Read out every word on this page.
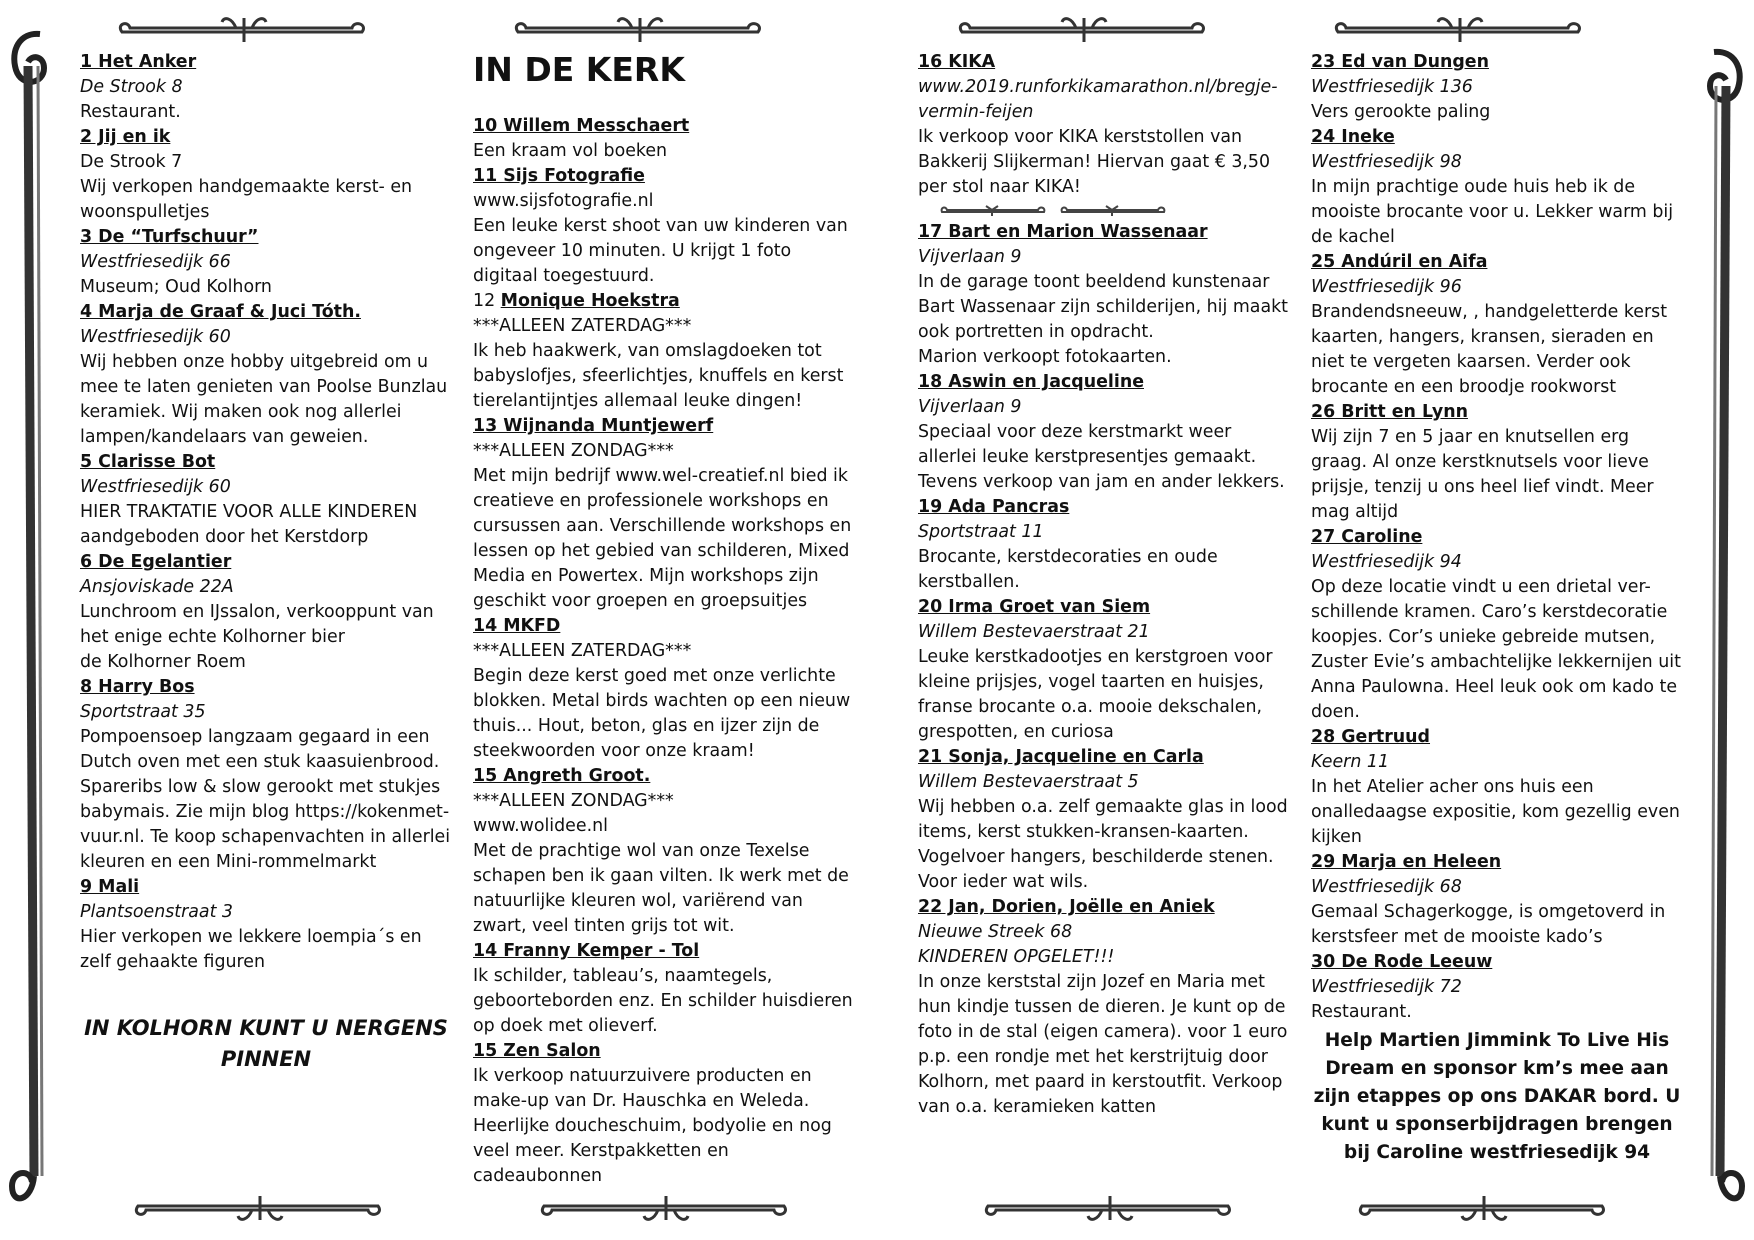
1 Het Anker
De Strook 8
Restaurant.
2 Jij en ik
De Strook 7
Wij verkopen handgemaakte kerst- en woonspulletjes
3 De “Turfschuur”
Westfriesedijk 66
Museum; Oud Kolhorn
4 Marja de Graaf & Juci Tóth.
Westfriesedijk 60
Wij hebben onze hobby uitgebreid om u mee te laten genieten van Poolse Bunzlau keramiek. Wij maken ook nog allerlei lampen/kandelaars van geweien.
5 Clarisse Bot
Westfriesedijk 60
HIER TRAKTATIE VOOR ALLE KINDEREN aandgeboden door het Kerstdorp
6 De Egelantier
Ansjoviskade 22A
Lunchroom en IJssalon, verkooppunt van het enige echte Kolhorner bier
de Kolhorner Roem
8 Harry Bos
Sportstraat 35
Pompoensoep langzaam gegaard in een Dutch oven met een stuk kaasuienbrood. Spareribs low & slow gerookt met stukjes babymais. Zie mijn blog https://kokenmet-vuur.nl. Te koop schapenvachten in allerlei kleuren en een Mini-rommelmarkt
9 Mali
Plantsoenstraat 3
Hier verkopen we lekkere loempia´s en zelf gehaakte figuren
IN KOLHORN KUNT U NERGENS PINNEN
IN DE KERK
10 Willem Messchaert
Een kraam vol boeken
11 Sijs Fotografie
www.sijsfotografie.nl
Een leuke kerst shoot van uw kinderen van ongeveer 10 minuten. U krijgt 1 foto digitaal toegestuurd.
12 Monique Hoekstra
***ALLEEN ZATERDAG***
Ik heb haakwerk, van omslagdoeken tot babyslofjes, sfeerlichtjes, knuffels en kerst tierelantijntjes allemaal leuke dingen!
13 Wijnanda Muntjewerf
***ALLEEN ZONDAG***
Met mijn bedrijf www.wel-creatief.nl bied ik creatieve en professionele workshops en cursussen aan. Verschillende workshops en lessen op het gebied van schilderen, Mixed Media en Powertex. Mijn workshops zijn geschikt voor groepen en groepsuitjes
14 MKFD
***ALLEEN ZATERDAG***
Begin deze kerst goed met onze verlichte blokken. Metal birds wachten op een nieuw thuis... Hout, beton, glas en ijzer zijn de steekwoorden voor onze kraam!
15 Angreth Groot.
***ALLEEN ZONDAG***
www.wolidee.nl
Met de prachtige wol van onze Texelse schapen ben ik gaan vilten. Ik werk met de natuurlijke kleuren wol, variërend van zwart, veel tinten grijs tot wit.
14 Franny Kemper - Tol
Ik schilder, tableau’s, naamtegels, geboorteborden enz. En schilder huisdieren op doek met olieverf.
15 Zen Salon
Ik verkoop natuurzuivere producten en make-up van Dr. Hauschka en Weleda. Heerlijke doucheschuim, bodyolie en nog veel meer. Kerstpakketten en cadeaubonnen
16 KIKA
www.2019.runforkikamarathon.nl/bregje-vermin-feijen
Ik verkoop voor KIKA kerststollen van Bakkerij Slijkerman! Hiervan gaat € 3,50 per stol naar KIKA!
17 Bart en Marion Wassenaar
Vijverlaan 9
In de garage toont beeldend kunstenaar Bart Wassenaar zijn schilderijen, hij maakt ook portretten in opdracht.
Marion verkoopt fotokaarten.
18 Aswin en Jacqueline
Vijverlaan 9
Speciaal voor deze kerstmarkt weer allerlei leuke kerstpresentjes gemaakt. Tevens verkoop van jam en ander lekkers.
19 Ada Pancras
Sportstraat 11
Brocante, kerstdecoraties en oude kerstballen.
20 Irma Groet van Siem
Willem Bestevaerstraat 21
Leuke kerstkadootjes en kerstgroen voor kleine prijsjes, vogel taarten en huisjes, franse brocante o.a. mooie dekschalen, grespotten, en curiosa
21 Sonja, Jacqueline en Carla
Willem Bestevaerstraat 5
Wij hebben o.a. zelf gemaakte glas in lood items, kerst stukken-kransen-kaarten. Vogelvoer hangers, beschilderde stenen. Voor ieder wat wils.
22 Jan, Dorien, Joëlle en Aniek
Nieuwe Streek 68
KINDEREN OPGELET!!!
In onze kerststal zijn Jozef en Maria met hun kindje tussen de dieren. Je kunt op de foto in de stal (eigen camera). voor 1 euro p.p. een rondje met het kerstrijtuig door Kolhorn, met paard in kerstoutfit. Verkoop van o.a. keramieken katten
23 Ed van Dungen
Westfriesedijk 136
Vers gerookte paling
24 Ineke
Westfriesedijk 98
In mijn prachtige oude huis heb ik de mooiste brocante voor u. Lekker warm bij de kachel
25 Andúril en Aifa
Westfriesedijk 96
Brandendsneeuw, , handgeletterde kerst kaarten, hangers, kransen, sieraden en niet te vergeten kaarsen. Verder ook brocante en een broodje rookworst
26 Britt en Lynn
Wij zijn 7 en 5 jaar en knutsellen erg graag. Al onze kerstknutsels voor lieve prijsje, tenzij u ons heel lief vindt. Meer mag altijd
27 Caroline
Westfriesedijk 94
Op deze locatie vindt u een drietal ver-schillende kramen. Caro’s kerstdecoratie koopjes. Cor’s unieke gebreide mutsen, Zuster Evie’s ambachtelijke lekkernijen uit Anna Paulowna. Heel leuk ook om kado te doen.
28 Gertruud
Keern 11
In het Atelier acher ons huis een onalledaagse expositie, kom gezellig even kijken
29 Marja en Heleen
Westfriesedijk 68
Gemaal Schagerkogge, is omgetoverd in kerstsfeer met de mooiste kado’s
30 De Rode Leeuw
Westfriesedijk 72
Restaurant.
Help Martien Jimmink To Live His Dream en sponsor km’s mee aan zijn etappes op ons DAKAR bord. U kunt u sponserbijdragen brengen bij Caroline westfriesedijk 94
